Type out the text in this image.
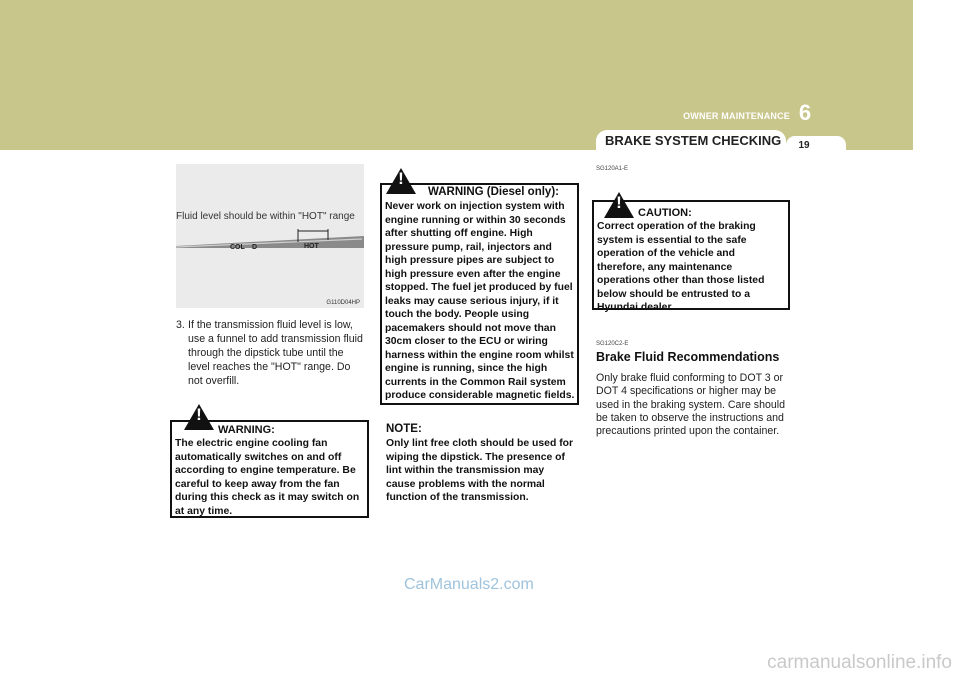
OWNER MAINTENANCE 6
BRAKE SYSTEM CHECKING	19
Fluid level should be within "HOT" range
COL D	HOT
G110D04HP
3. If the transmission fluid level is low, use a funnel to add transmission fluid through the dipstick tube until the level reaches the "HOT" range. Do not overfill.
!
WARNING:
The electric engine cooling fan automatically switches on and off according to engine temperature. Be careful to keep away from the fan during this check as it may switch on at any time.
!
WARNING (Diesel only):
Never work on injection system with engine running or within 30 seconds after shutting off engine. High pressure pump, rail, injectors and high pressure pipes are subject to high pressure even after the engine stopped. The fuel jet produced by fuel leaks may cause serious injury, if it touch the body. People using pacemakers should not move than 30cm closer to the ECU or wiring harness within the engine room whilst engine is running, since the high currents in the Common Rail system produce considerable magnetic fields.
NOTE:
Only lint free cloth should be used for wiping the dipstick. The presence of lint within the transmission may cause problems with the normal function of the transmission.
SG120A1-E
!
CAUTION:
Correct operation of the braking system is essential to the safe operation of the vehicle and therefore, any maintenance operations other than those listed below should be entrusted to a Hyundai dealer.
SG120C2-E
Brake Fluid Recommendations
Only brake fluid conforming to DOT 3 or DOT 4 specifications or higher may be used in the braking system. Care should be taken to observe the instructions and precautions printed upon the container.
CarManuals2.com
carmanualsonline.info
